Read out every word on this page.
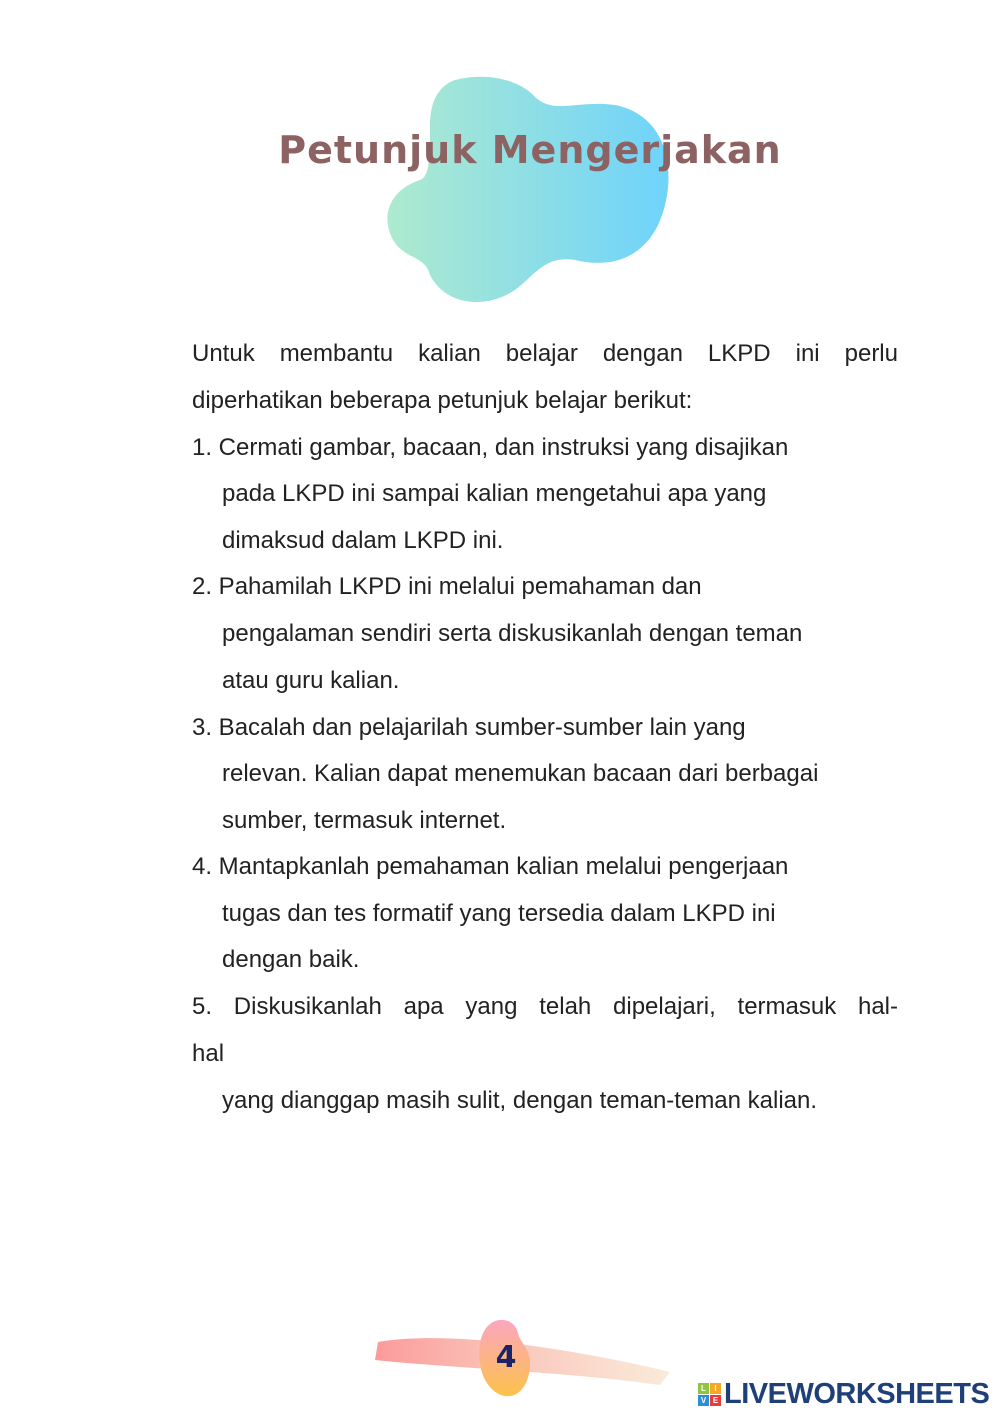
Petunjuk Mengerjakan
Untuk membantu kalian belajar dengan LKPD ini perlu
diperhatikan beberapa petunjuk belajar berikut:
1. Cermati gambar, bacaan, dan instruksi yang disajikan
pada LKPD ini sampai kalian mengetahui apa yang
dimaksud dalam LKPD ini.
2. Pahamilah LKPD ini melalui pemahaman dan
pengalaman sendiri serta diskusikanlah dengan teman
atau guru kalian.
3. Bacalah dan pelajarilah sumber-sumber lain yang
relevan. Kalian dapat menemukan bacaan dari berbagai
sumber, termasuk internet.
4. Mantapkanlah pemahaman kalian melalui pengerjaan
tugas dan tes formatif yang tersedia dalam LKPD ini
dengan baik.
5. Diskusikanlah apa yang telah dipelajari, termasuk hal-
hal
yang dianggap masih sulit, dengan teman-teman kalian.
4
L	I
V E LIVEWORKSHEETS
